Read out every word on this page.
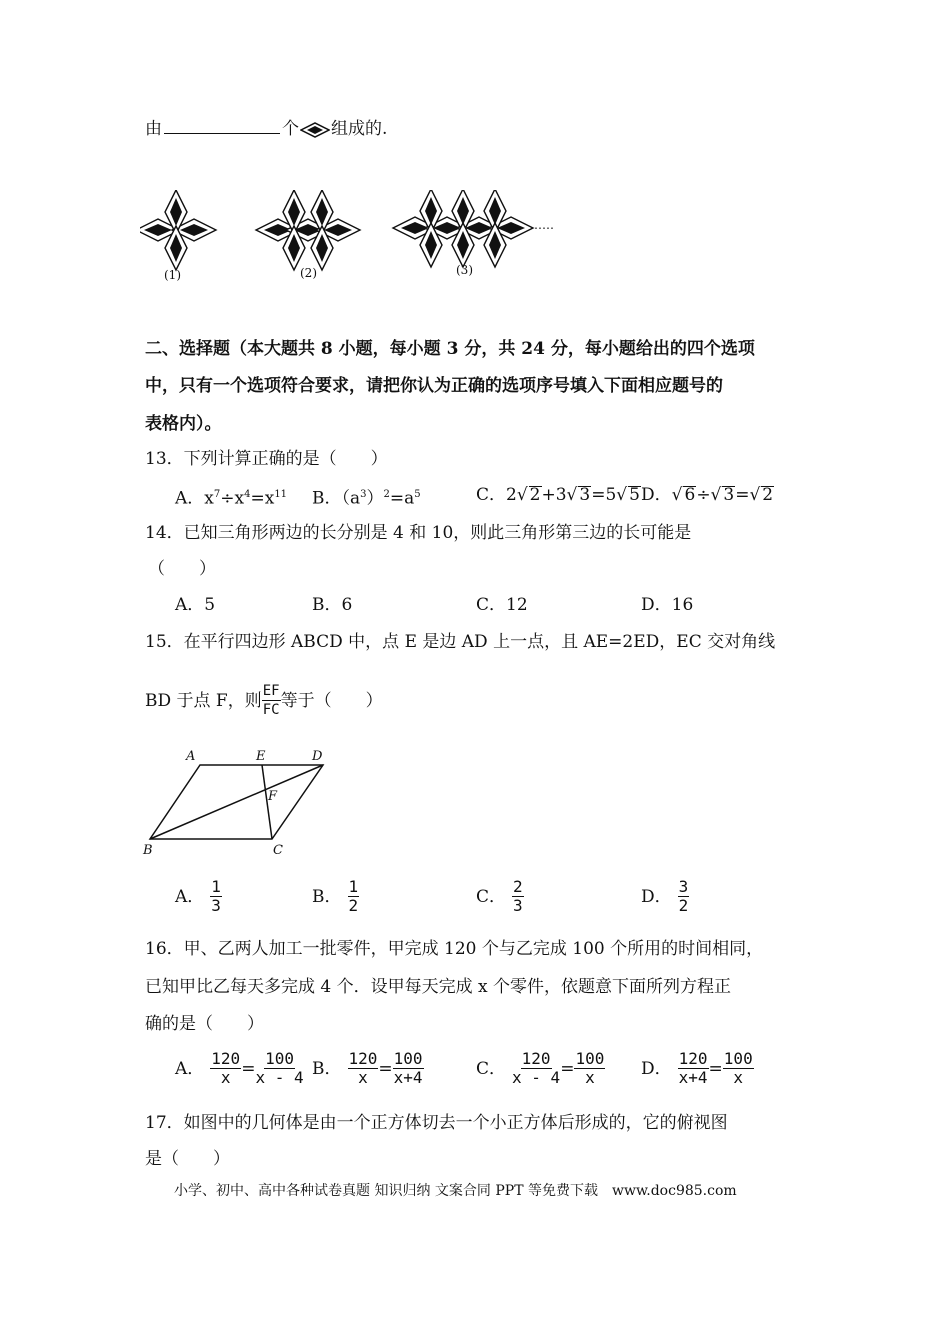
由	个 组成的.
(1)	(2)	(3)
……
二、选择题（本大题共 8 小题，每小题 3 分，共 24 分，每小题给出的四个选项
中，只有一个选项符合要求，请把你认为正确的选项序号填入下面相应题号的
表格内）。
13．下列计算正确的是（　　）
A．$x^7\div x^4=x^{11}$ B．$(a^3)^2=a^5$	C．2√ 2+3√ 3=5√ 5 D．√ 6÷√ 3=√ 2
14．已知三角形两边的长分别是 4 和 10，则此三角形第三边的长可能是
（　　）
A．5	B．6	C．12	D．16
15．在平行四边形 ABCD 中，点 E 是边 AD 上一点，且 AE=2ED，EC 交对角线
BD 于点 F，则 $\frac{EF}{FC}$ 等于（　　）
A	E	D
F
B	C
A． $\frac{1}{3}$	B． $\frac{1}{2}$	C． $\frac{2}{3}$	D． $\frac{3}{2}$
16．甲、乙两人加工一批零件，甲完成 120 个与乙完成 100 个所用的时间相同，
已知甲比乙每天多完成 4 个．设甲每天完成 x 个零件，依题意下面所列方程正
确的是（　　）
A． $\frac{120}{x} = \frac{100}{x - 4}$ B． $\frac{120}{x} = \frac{100}{x+4}$	C． $\frac{120}{x - 4} = \frac{100}{x}$ D． $\frac{120}{x+4} = \frac{100}{x}$
17．如图中的几何体是由一个正方体切去一个小正方体后形成的，它的俯视图
是（　　）
小学、初中、高中各种试卷真题 知识归纳 文案合同 PPT 等免费下载　www.doc985.com
